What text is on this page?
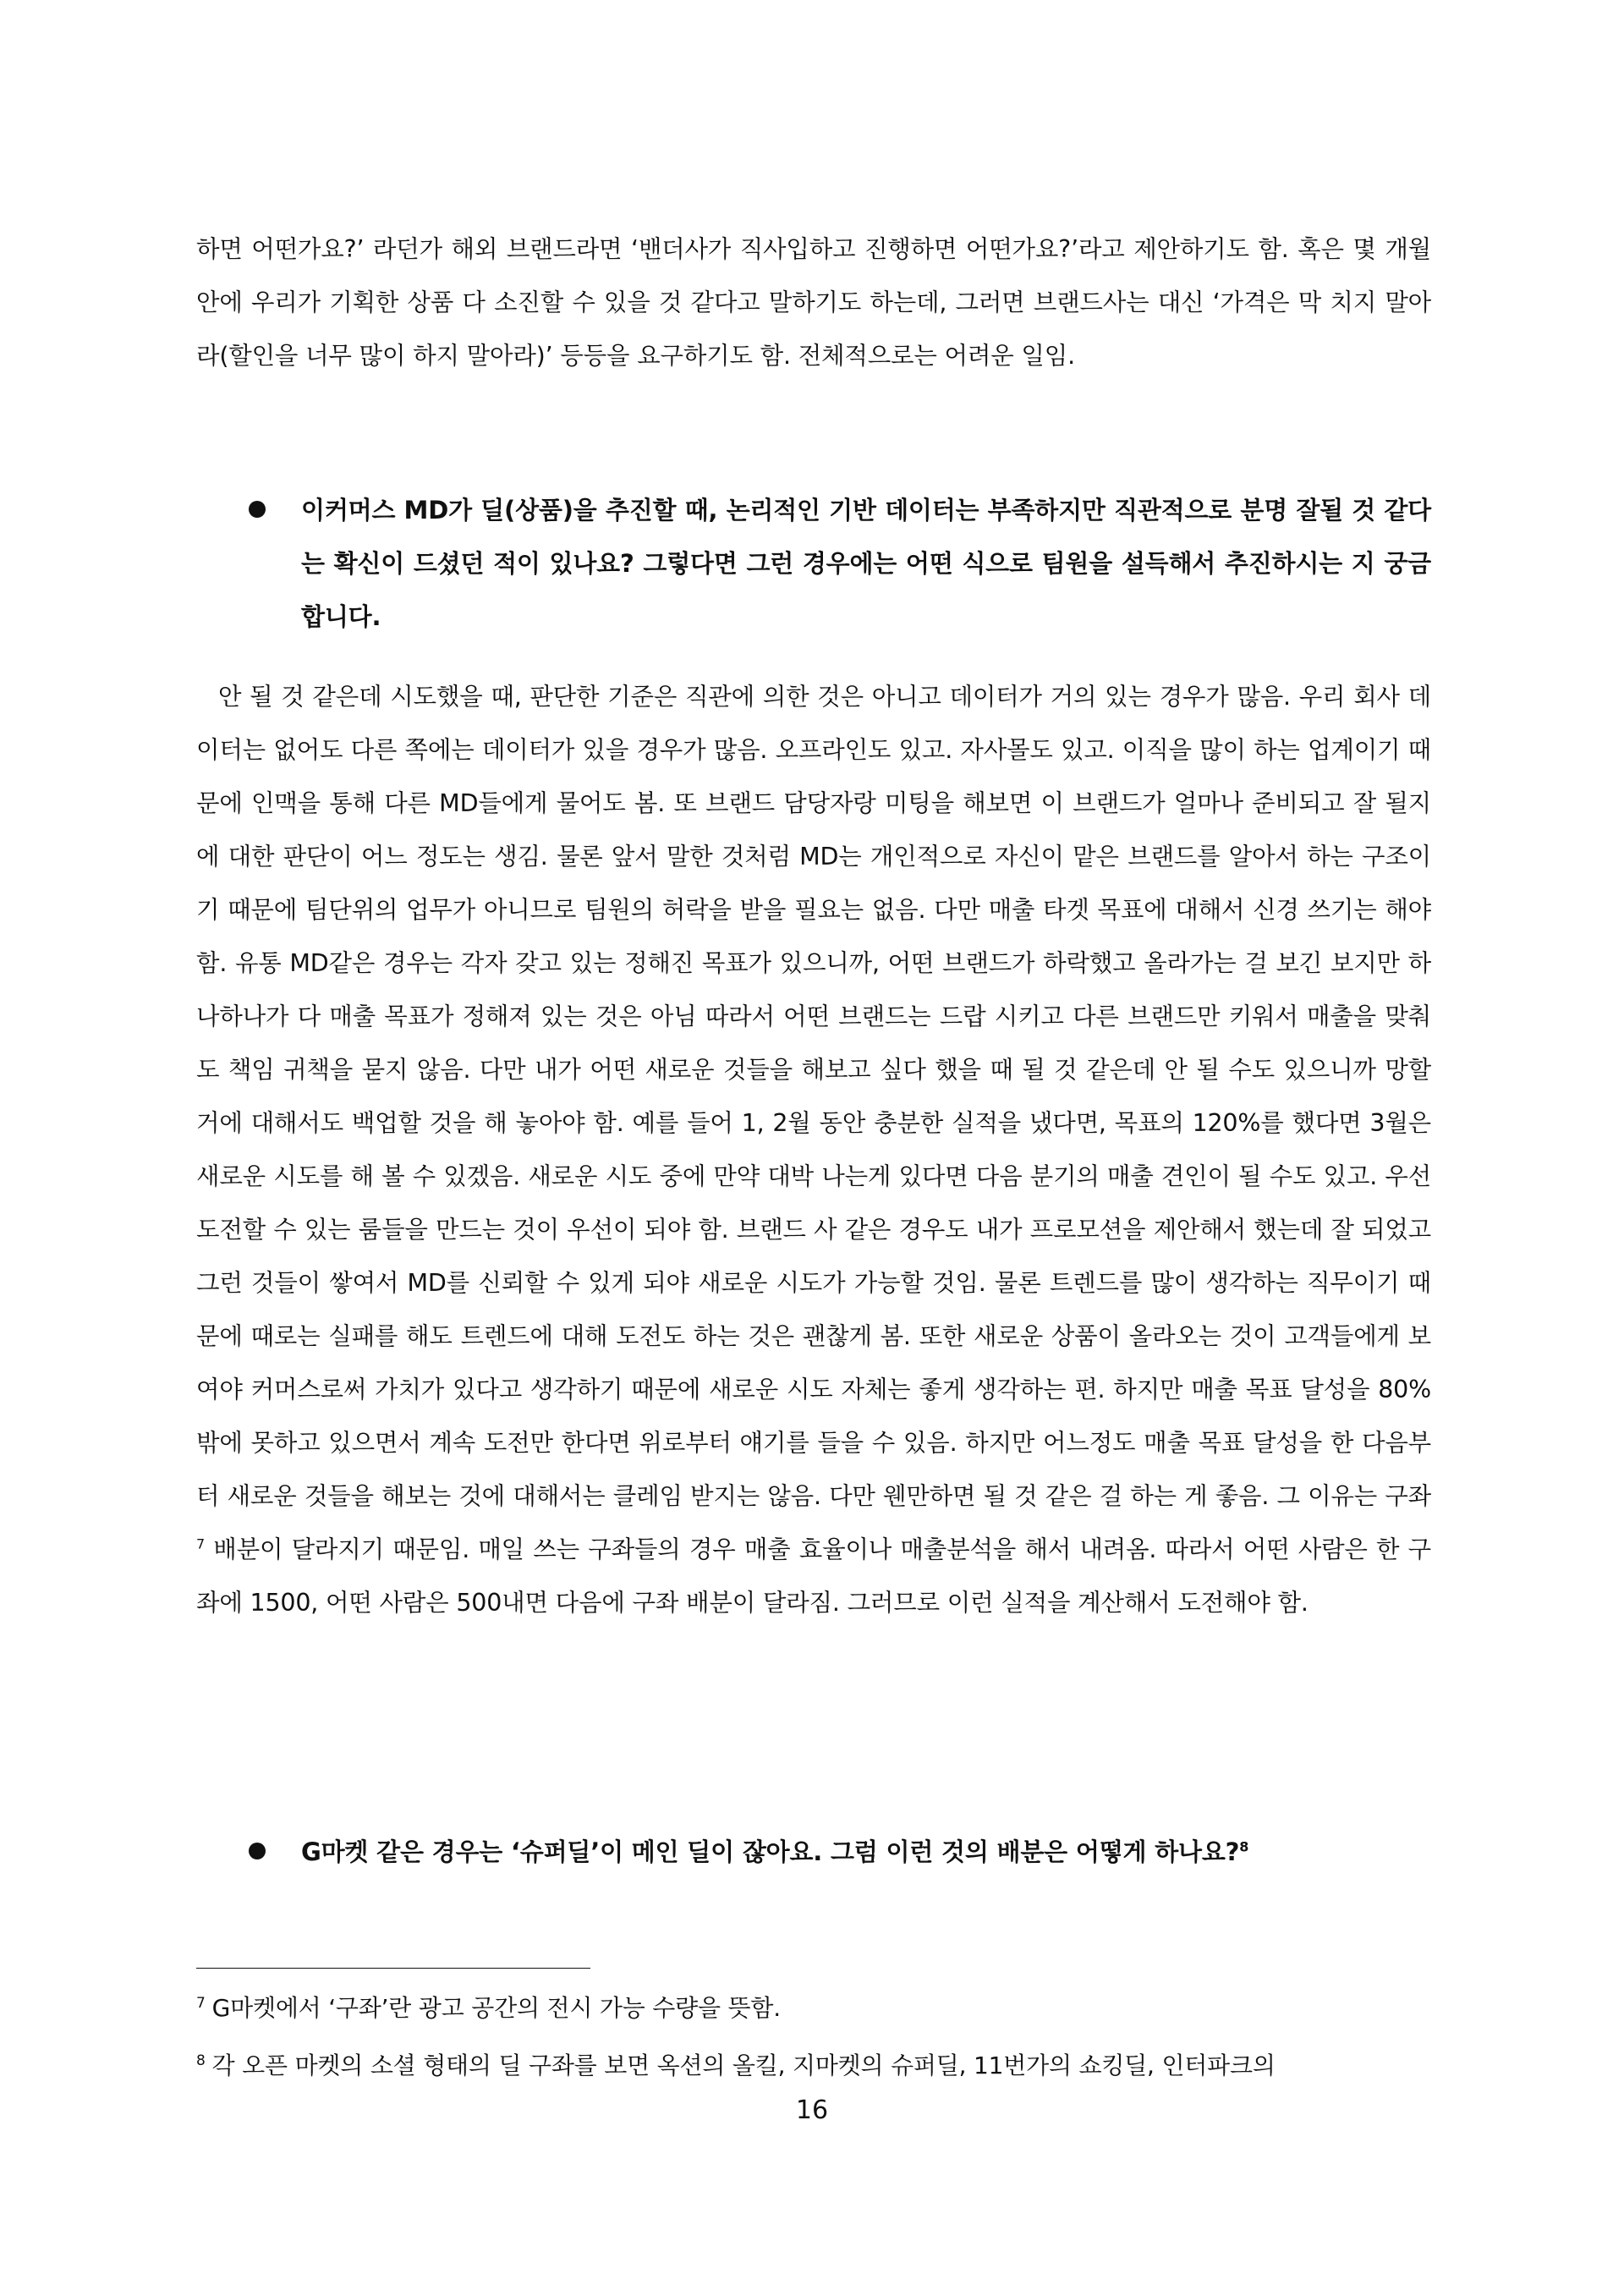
하면 어떤가요?’ 라던가 해외 브랜드라면 ‘밴더사가 직사입하고 진행하면 어떤가요?’라고 제안하기도 함. 혹은 몇 개월 안에 우리가 기획한 상품 다 소진할 수 있을 것 같다고 말하기도 하는데, 그러면 브랜드사는 대신 ‘가격은 막 치지 말아라(할인을 너무 많이 하지 말아라)’ 등등을 요구하기도 함. 전체적으로는 어려운 일임.
이커머스 MD가 딜(상품)을 추진할 때, 논리적인 기반 데이터는 부족하지만 직관적으로 분명 잘될 것 같다는 확신이 드셨던 적이 있나요? 그렇다면 그런 경우에는 어떤 식으로 팀원을 설득해서 추진하시는 지 궁금합니다.
안 될 것 같은데 시도했을 때, 판단한 기준은 직관에 의한 것은 아니고 데이터가 거의 있는 경우가 많음. 우리 회사 데이터는 없어도 다른 쪽에는 데이터가 있을 경우가 많음. 오프라인도 있고. 자사몰도 있고. 이직을 많이 하는 업계이기 때문에 인맥을 통해 다른 MD들에게 물어도 봄. 또 브랜드 담당자랑 미팅을 해보면 이 브랜드가 얼마나 준비되고 잘 될지에 대한 판단이 어느 정도는 생김. 물론 앞서 말한 것처럼 MD는 개인적으로 자신이 맡은 브랜드를 알아서 하는 구조이기 때문에 팀단위의 업무가 아니므로 팀원의 허락을 받을 필요는 없음. 다만 매출 타겟 목표에 대해서 신경 쓰기는 해야함. 유통 MD같은 경우는 각자 갖고 있는 정해진 목표가 있으니까, 어떤 브랜드가 하락했고 올라가는 걸 보긴 보지만 하나하나가 다 매출 목표가 정해져 있는 것은 아님 따라서 어떤 브랜드는 드랍 시키고 다른 브랜드만 키워서 매출을 맞춰도 책임 귀책을 묻지 않음. 다만 내가 어떤 새로운 것들을 해보고 싶다 했을 때 될 것 같은데 안 될 수도 있으니까 망할 거에 대해서도 백업할 것을 해 놓아야 함. 예를 들어 1, 2월 동안 충분한 실적을 냈다면, 목표의 120%를 했다면 3월은 새로운 시도를 해 볼 수 있겠음. 새로운 시도 중에 만약 대박 나는게 있다면 다음 분기의 매출 견인이 될 수도 있고. 우선 도전할 수 있는 룸들을 만드는 것이 우선이 되야 함. 브랜드 사 같은 경우도 내가 프로모션을 제안해서 했는데 잘 되었고 그런 것들이 쌓여서 MD를 신뢰할 수 있게 되야 새로운 시도가 가능할 것임. 물론 트렌드를 많이 생각하는 직무이기 때문에 때로는 실패를 해도 트렌드에 대해 도전도 하는 것은 괜찮게 봄. 또한 새로운 상품이 올라오는 것이 고객들에게 보여야 커머스로써 가치가 있다고 생각하기 때문에 새로운 시도 자체는 좋게 생각하는 편. 하지만 매출 목표 달성을 80% 밖에 못하고 있으면서 계속 도전만 한다면 위로부터 얘기를 들을 수 있음. 하지만 어느정도 매출 목표 달성을 한 다음부터 새로운 것들을 해보는 것에 대해서는 클레임 받지는 않음. 다만 웬만하면 될 것 같은 걸 하는 게 좋음. 그 이유는 구좌$^7$ 배분이 달라지기 때문임. 매일 쓰는 구좌들의 경우 매출 효율이나 매출분석을 해서 내려옴. 따라서 어떤 사람은 한 구좌에 1500, 어떤 사람은 500내면 다음에 구좌 배분이 달라짐. 그러므로 이런 실적을 계산해서 도전해야 함.
G마켓 같은 경우는 ‘슈퍼딜’이 메인 딜이 잖아요. 그럼 이런 것의 배분은 어떻게 하나요?$^8$
$^7$ G마켓에서 ‘구좌’란 광고 공간의 전시 가능 수량을 뜻함.
$^8$ 각 오픈 마켓의 소셜 형태의 딜 구좌를 보면 옥션의 올킬, 지마켓의 슈퍼딜, 11번가의 쇼킹딜, 인터파크의
16
